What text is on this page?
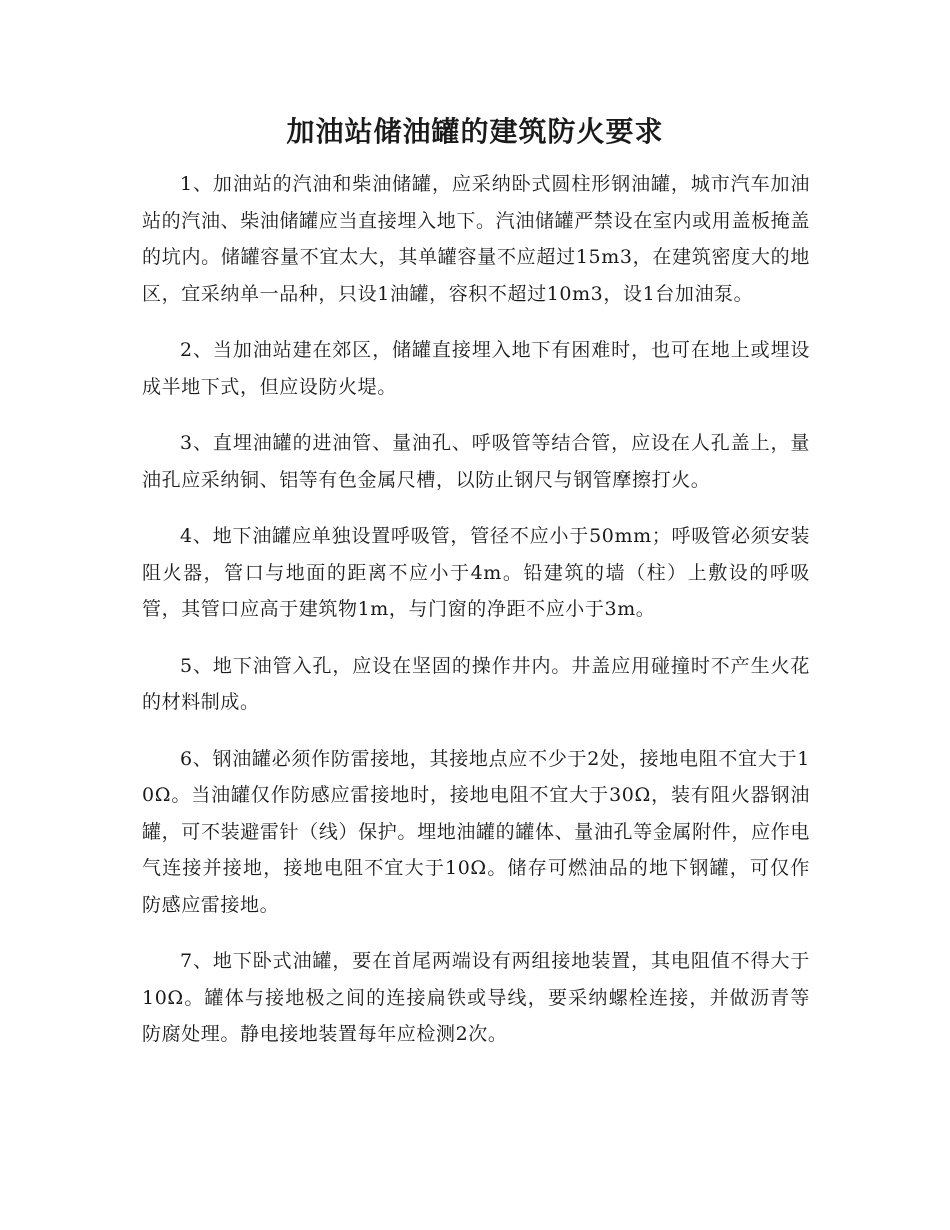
加油站储油罐的建筑防火要求

1、加油站的汽油和柴油储罐，应采纳卧式圆柱形钢油罐，城市汽车加油站的汽油、柴油储罐应当直接埋入地下。汽油储罐严禁设在室内或用盖板掩盖的坑内。储罐容量不宜太大，其单罐容量不应超过15m3，在建筑密度大的地区，宜采纳单一品种，只设1油罐，容积不超过10m3，设1台加油泵。

2、当加油站建在郊区，储罐直接埋入地下有困难时，也可在地上或埋设成半地下式，但应设防火堤。

3、直埋油罐的进油管、量油孔、呼吸管等结合管，应设在人孔盖上，量油孔应采纳铜、铝等有色金属尺槽，以防止钢尺与钢管摩擦打火。

4、地下油罐应单独设置呼吸管，管径不应小于50mm；呼吸管必须安装阻火器，管口与地面的距离不应小于4m。铅建筑的墙（柱）上敷设的呼吸管，其管口应高于建筑物1m，与门窗的净距不应小于3m。

5、地下油管入孔，应设在坚固的操作井内。井盖应用碰撞时不产生火花的材料制成。

6、钢油罐必须作防雷接地，其接地点应不少于2处，接地电阻不宜大于10Ω。当油罐仅作防感应雷接地时，接地电阻不宜大于30Ω，装有阻火器钢油罐，可不装避雷针（线）保护。埋地油罐的罐体、量油孔等金属附件，应作电气连接并接地，接地电阻不宜大于10Ω。储存可燃油品的地下钢罐，可仅作防感应雷接地。

7、地下卧式油罐，要在首尾两端设有两组接地装置，其电阻值不得大于10Ω。罐体与接地极之间的连接扁铁或导线，要采纳螺栓连接，并做沥青等防腐处理。静电接地装置每年应检测2次。
